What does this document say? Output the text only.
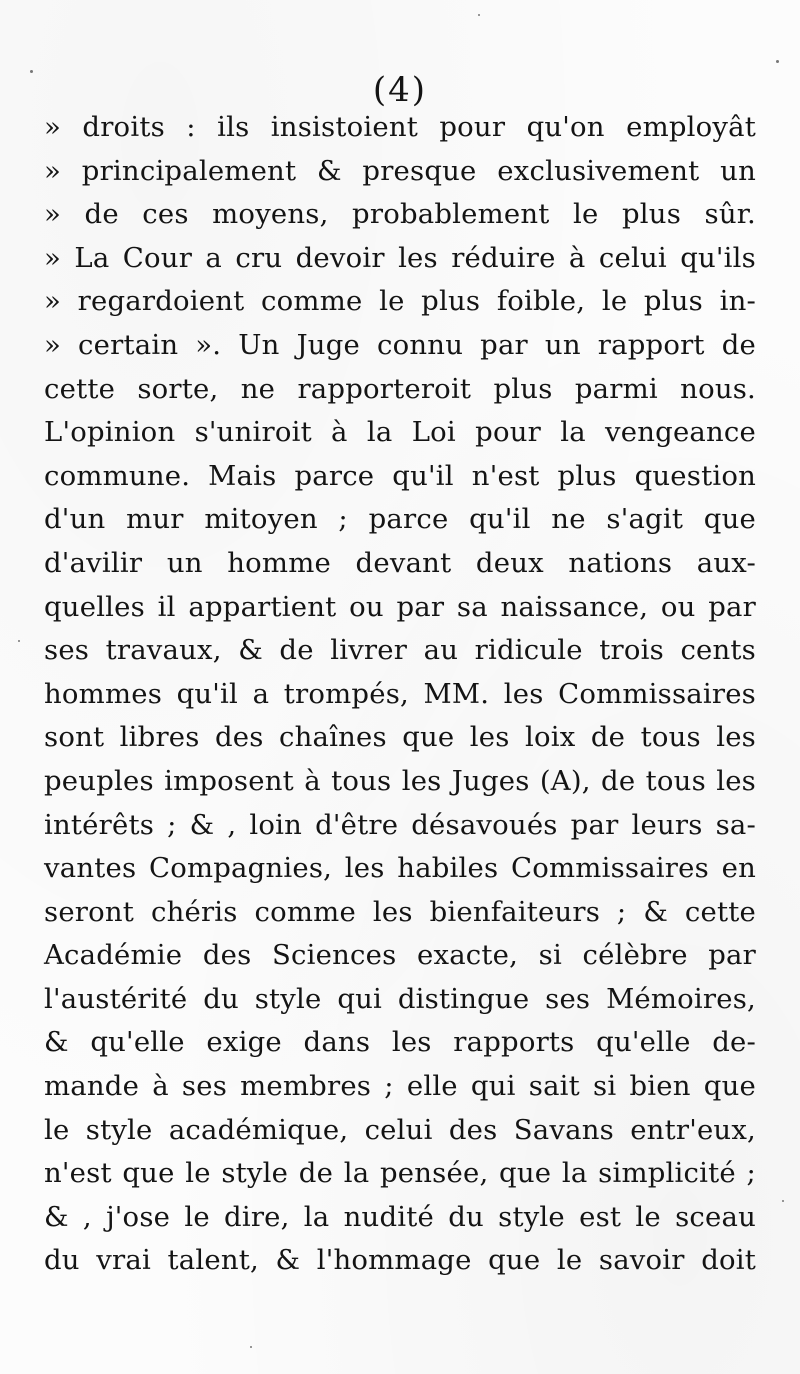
(4)
» droits : ils insistoient pour qu'on employât
» principalement & presque exclusivement un
» de ces moyens, probablement le plus sûr.
» La Cour a cru devoir les réduire à celui qu'ils
» regardoient comme le plus foible, le plus in-
» certain ». Un Juge connu par un rapport de
cette sorte, ne rapporteroit plus parmi nous.
L'opinion s'uniroit à la Loi pour la vengeance
commune. Mais parce qu'il n'est plus question
d'un mur mitoyen ; parce qu'il ne s'agit que
d'avilir un homme devant deux nations aux-
quelles il appartient ou par sa naissance, ou par
ses travaux, & de livrer au ridicule trois cents
hommes qu'il a trompés, MM. les Commissaires
sont libres des chaînes que les loix de tous les
peuples imposent à tous les Juges (A), de tous les
intérêts ; & , loin d'être désavoués par leurs sa-
vantes Compagnies, les habiles Commissaires en
seront chéris comme les bienfaiteurs ; & cette
Académie des Sciences exacte, si célèbre par
l'austérité du style qui distingue ses Mémoires,
& qu'elle exige dans les rapports qu'elle de-
mande à ses membres ; elle qui sait si bien que
le style académique, celui des Savans entr'eux,
n'est que le style de la pensée, que la simplicité ;
& , j'ose le dire, la nudité du style est le sceau
du vrai talent, & l'hommage que le savoir doit
